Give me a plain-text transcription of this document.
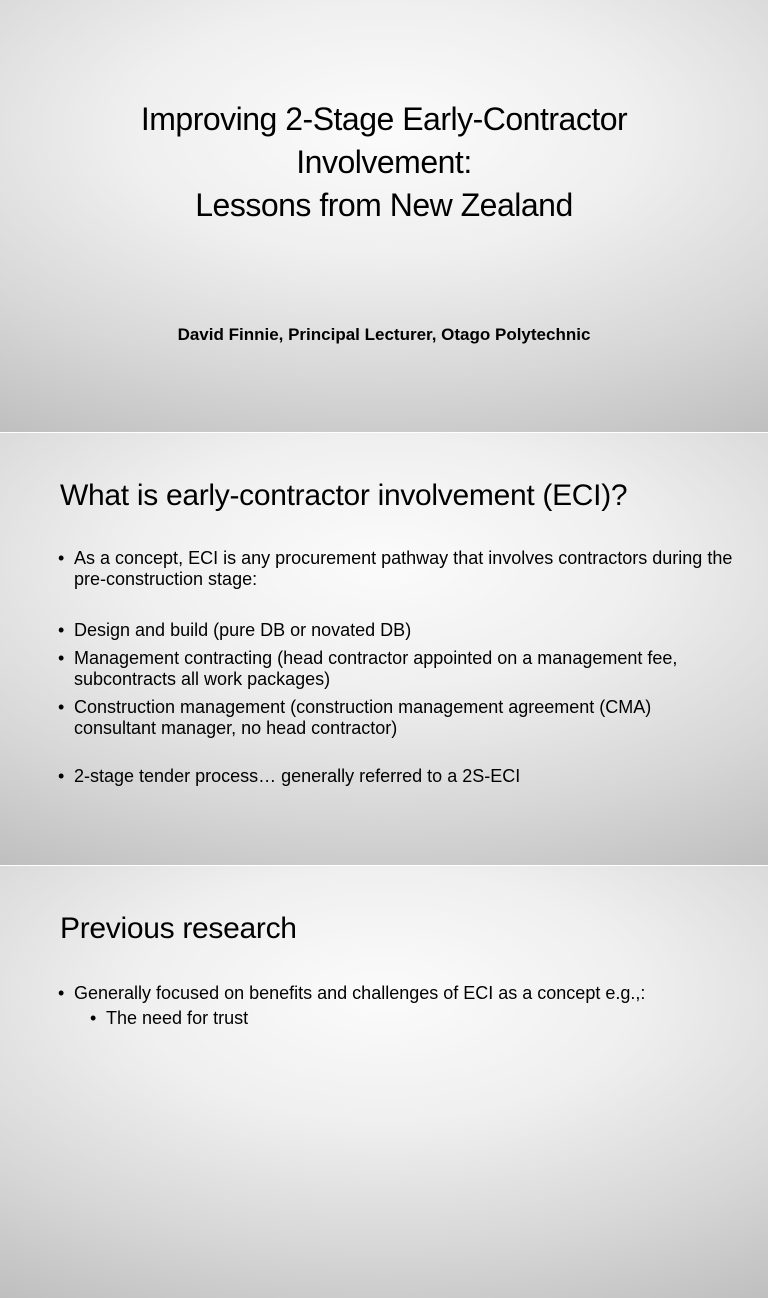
Improving 2-Stage Early-Contractor
Involvement:
Lessons from New Zealand
David Finnie, Principal Lecturer, Otago Polytechnic
What is early-contractor involvement (ECI)?
• As a concept, ECI is any procurement pathway that involves contractors during the pre-construction stage:
• Design and build (pure DB or novated DB)
• Management contracting (head contractor appointed on a management fee, subcontracts all work packages)
• Construction management (construction management agreement (CMA) consultant manager, no head contractor)
• 2-stage tender process… generally referred to a 2S-ECI
Previous research
• Generally focused on benefits and challenges of ECI as a concept e.g.,:
• The need for trust
